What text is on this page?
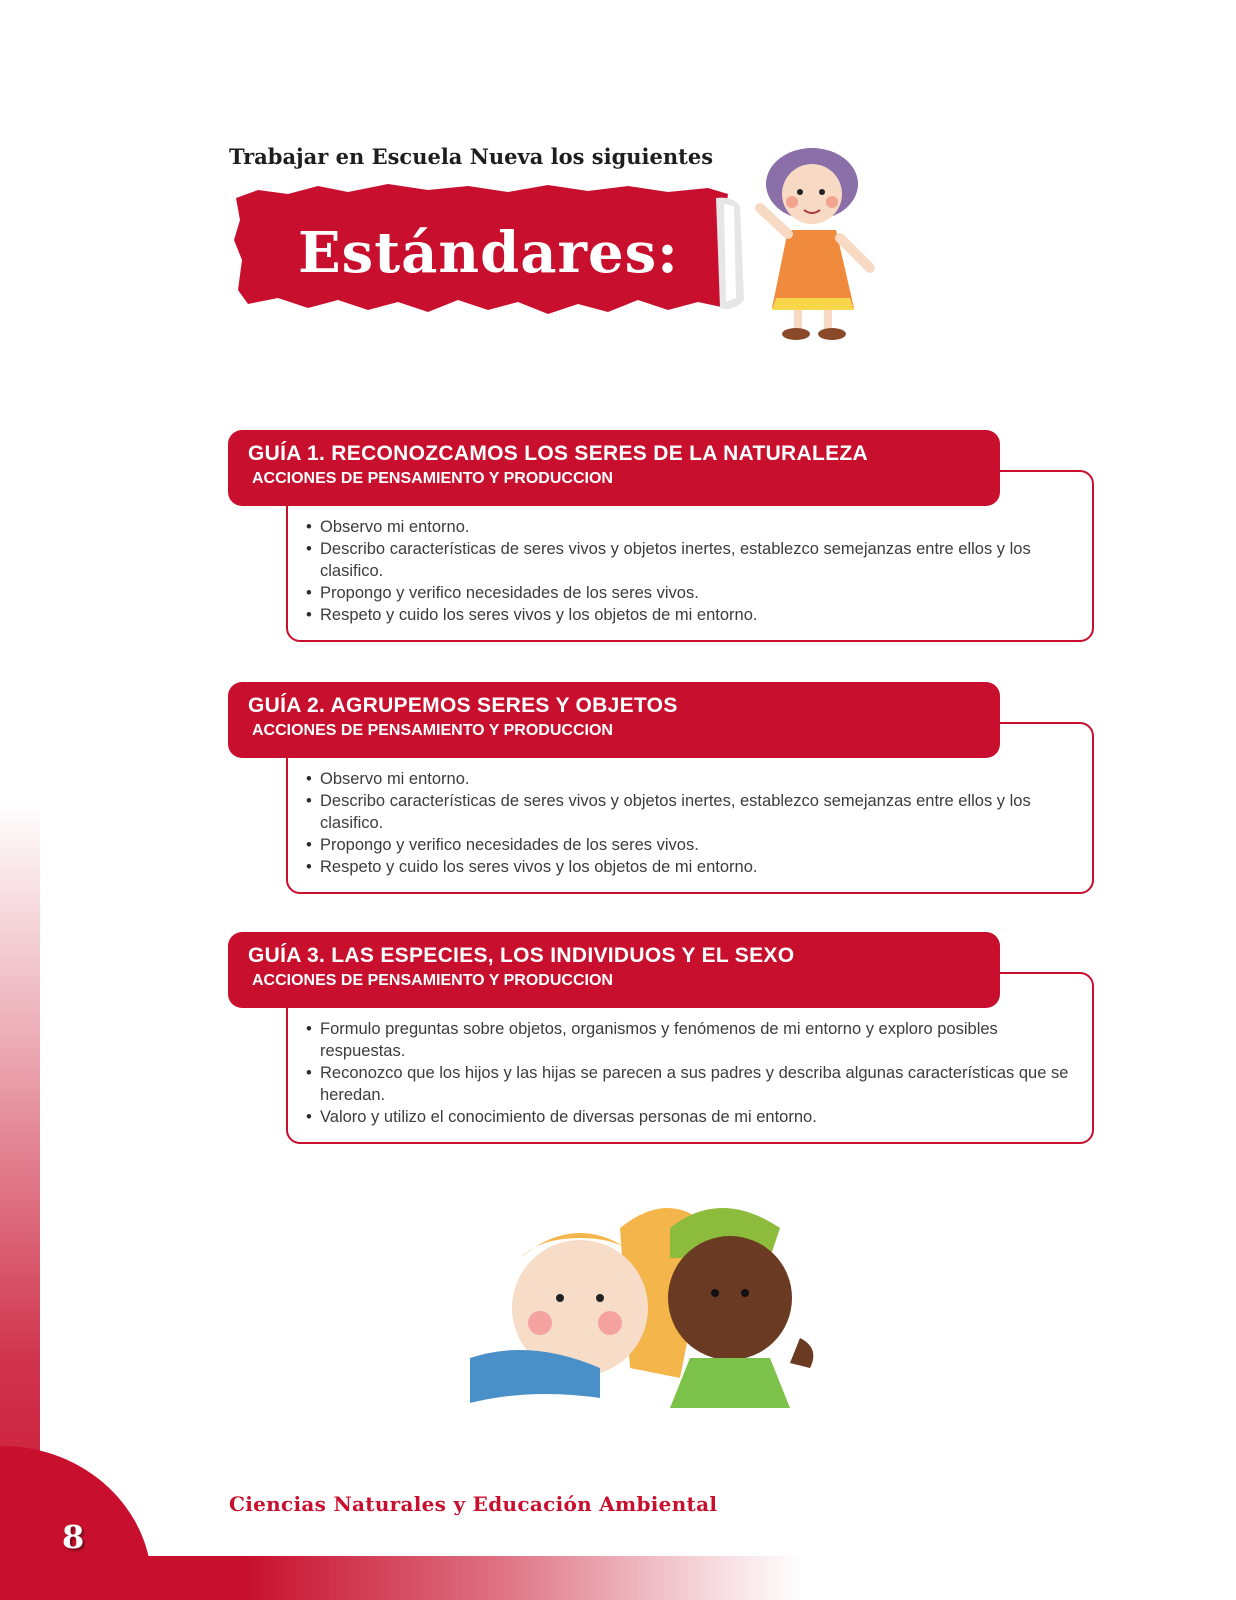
Trabajar en Escuela Nueva los siguientes
Estándares:
GUÍA 1. RECONOZCAMOS LOS SERES DE LA NATURALEZA
ACCIONES DE PENSAMIENTO Y PRODUCCION
• Observo mi entorno.
• Describo características de seres vivos y objetos inertes, establezco semejanzas entre ellos y los clasifico.
• Propongo y verifico necesidades de los seres vivos.
• Respeto y cuido los seres vivos y los objetos de mi entorno.
GUÍA 2. AGRUPEMOS SERES Y OBJETOS
ACCIONES DE PENSAMIENTO Y PRODUCCION
• Observo mi entorno.
• Describo características de seres vivos y objetos inertes, establezco semejanzas entre ellos y los clasifico.
• Propongo y verifico necesidades de los seres vivos.
• Respeto y cuido los seres vivos y los objetos de mi entorno.
GUÍA 3. LAS ESPECIES, LOS INDIVIDUOS Y EL SEXO
ACCIONES DE PENSAMIENTO Y PRODUCCION
• Formulo preguntas sobre objetos, organismos y fenómenos de mi entorno y exploro posibles respuestas.
• Reconozco que los hijos y las hijas se parecen a sus padres y describa algunas características que se heredan.
• Valoro y utilizo el conocimiento de diversas personas de mi entorno.
Ciencias Naturales y Educación Ambiental
8
